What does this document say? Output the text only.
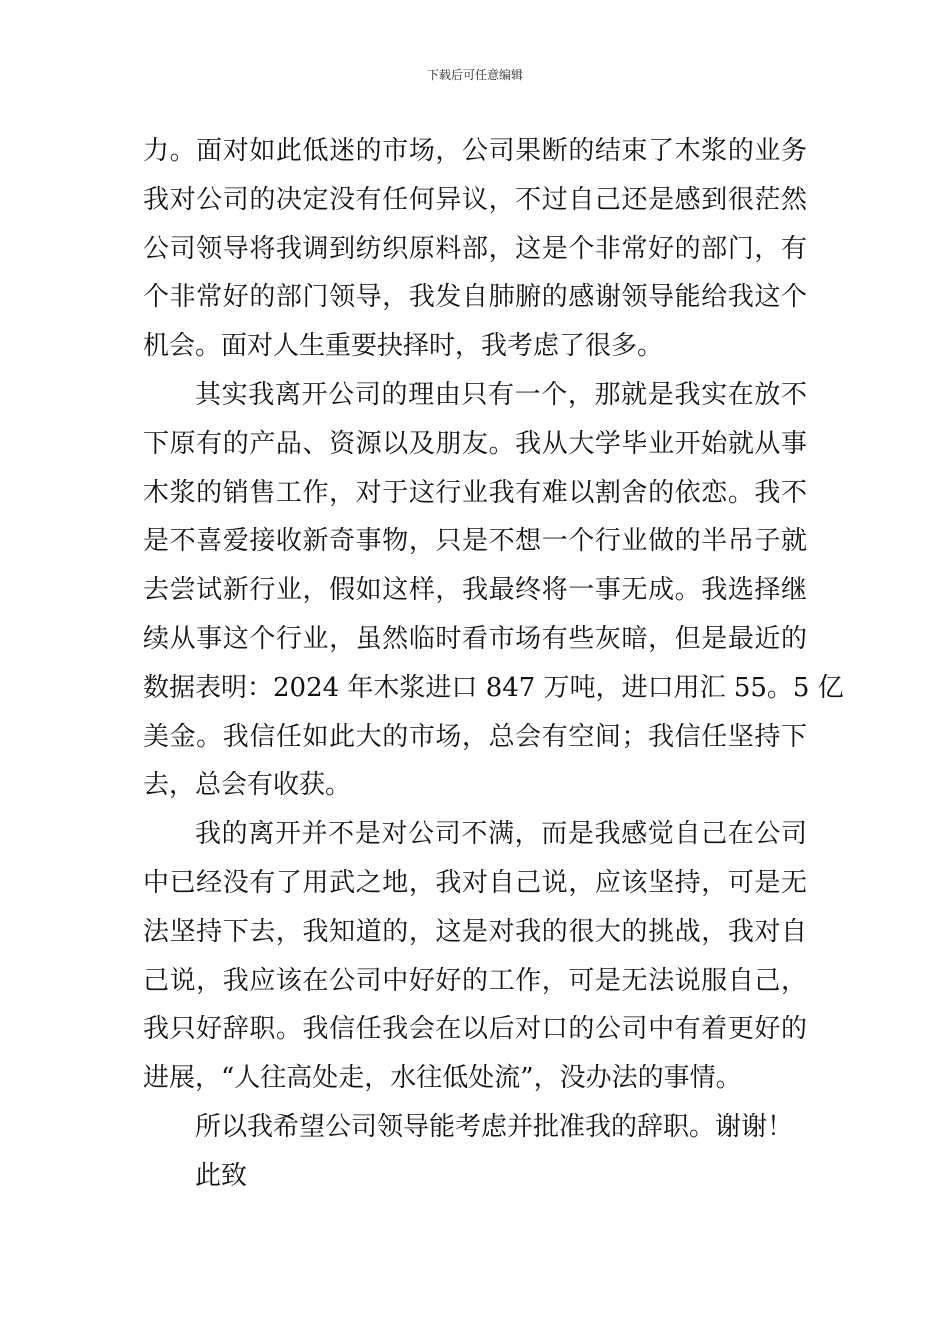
下载后可任意编辑

力。面对如此低迷的市场，公司果断的结束了木浆的业务
我对公司的决定没有任何异议，不过自己还是感到很茫然
公司领导将我调到纺织原料部，这是个非常好的部门，有
个非常好的部门领导，我发自肺腑的感谢领导能给我这个
机会。面对人生重要抉择时，我考虑了很多。

其实我离开公司的理由只有一个，那就是我实在放不
下原有的产品、资源以及朋友。我从大学毕业开始就从事
木浆的销售工作，对于这行业我有难以割舍的依恋。我不
是不喜爱接收新奇事物，只是不想一个行业做的半吊子就
去尝试新行业，假如这样，我最终将一事无成。我选择继
续从事这个行业，虽然临时看市场有些灰暗，但是最近的
数据表明：2024 年木浆进口 847 万吨，进口用汇 55。5 亿
美金。我信任如此大的市场，总会有空间；我信任坚持下
去，总会有收获。

我的离开并不是对公司不满，而是我感觉自己在公司
中已经没有了用武之地，我对自己说，应该坚持，可是无
法坚持下去，我知道的，这是对我的很大的挑战，我对自
己说，我应该在公司中好好的工作，可是无法说服自己，
我只好辞职。我信任我会在以后对口的公司中有着更好的
进展，“人往高处走，水往低处流”，没办法的事情。

所以我希望公司领导能考虑并批准我的辞职。谢谢！

此致
